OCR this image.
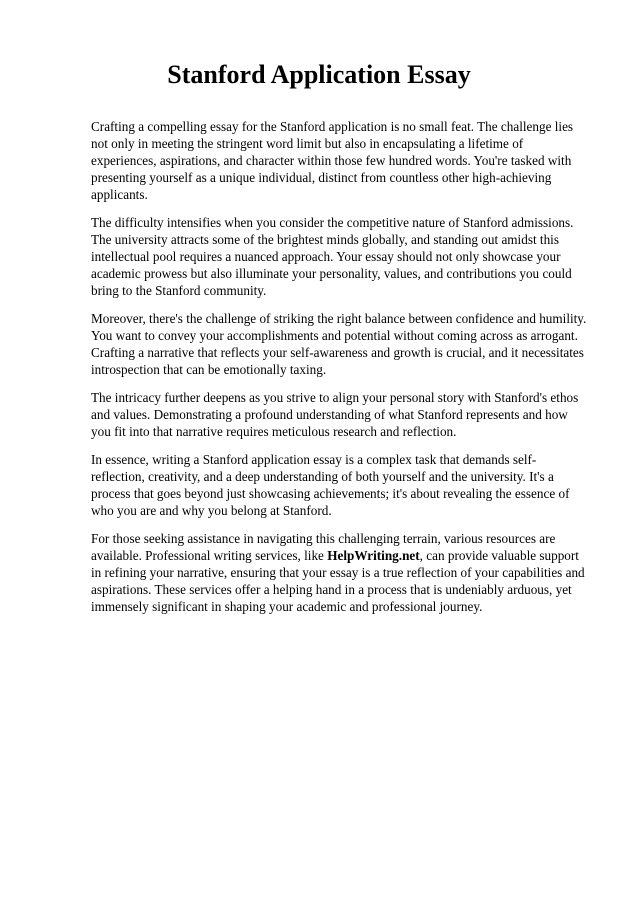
Stanford Application Essay

Crafting a compelling essay for the Stanford application is no small feat. The challenge lies not only in meeting the stringent word limit but also in encapsulating a lifetime of experiences, aspirations, and character within those few hundred words. You're tasked with presenting yourself as a unique individual, distinct from countless other high-achieving applicants.

The difficulty intensifies when you consider the competitive nature of Stanford admissions. The university attracts some of the brightest minds globally, and standing out amidst this intellectual pool requires a nuanced approach. Your essay should not only showcase your academic prowess but also illuminate your personality, values, and contributions you could bring to the Stanford community.

Moreover, there's the challenge of striking the right balance between confidence and humility. You want to convey your accomplishments and potential without coming across as arrogant. Crafting a narrative that reflects your self-awareness and growth is crucial, and it necessitates introspection that can be emotionally taxing.

The intricacy further deepens as you strive to align your personal story with Stanford's ethos and values. Demonstrating a profound understanding of what Stanford represents and how you fit into that narrative requires meticulous research and reflection.

In essence, writing a Stanford application essay is a complex task that demands self-reflection, creativity, and a deep understanding of both yourself and the university. It's a process that goes beyond just showcasing achievements; it's about revealing the essence of who you are and why you belong at Stanford.

For those seeking assistance in navigating this challenging terrain, various resources are available. Professional writing services, like HelpWriting.net, can provide valuable support in refining your narrative, ensuring that your essay is a true reflection of your capabilities and aspirations. These services offer a helping hand in a process that is undeniably arduous, yet immensely significant in shaping your academic and professional journey.
